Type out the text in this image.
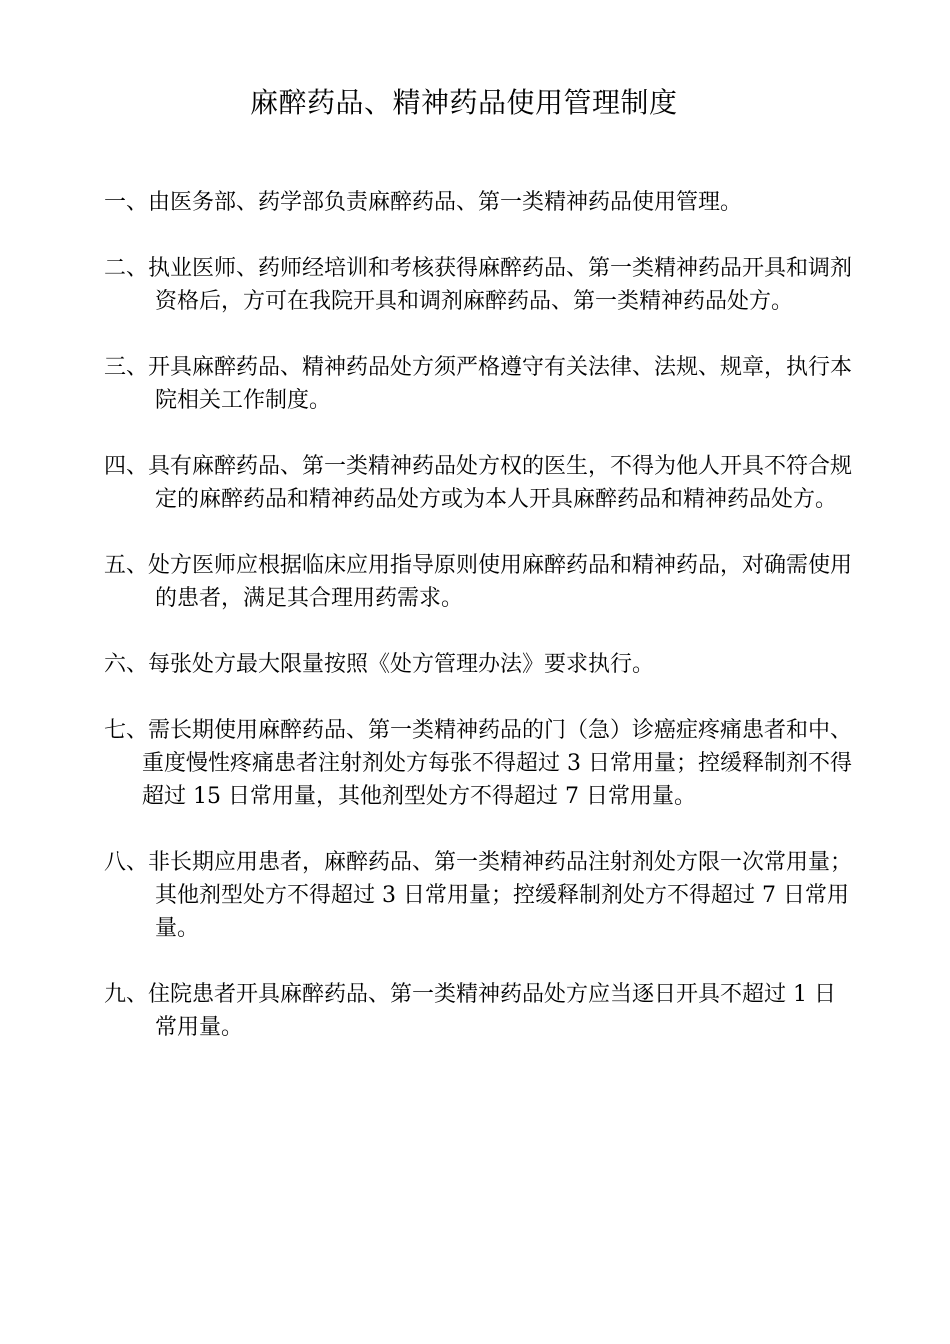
麻醉药品、精神药品使用管理制度
一、由医务部、药学部负责麻醉药品、第一类精神药品使用管理。
二、执业医师、药师经培训和考核获得麻醉药品、第一类精神药品开具和调剂资格后，方可在我院开具和调剂麻醉药品、第一类精神药品处方。
三、开具麻醉药品、精神药品处方须严格遵守有关法律、法规、规章，执行本院相关工作制度。
四、具有麻醉药品、第一类精神药品处方权的医生，不得为他人开具不符合规定的麻醉药品和精神药品处方或为本人开具麻醉药品和精神药品处方。
五、处方医师应根据临床应用指导原则使用麻醉药品和精神药品，对确需使用的患者，满足其合理用药需求。
六、每张处方最大限量按照《处方管理办法》要求执行。
七、需长期使用麻醉药品、第一类精神药品的门（急）诊癌症疼痛患者和中、重度慢性疼痛患者注射剂处方每张不得超过 3 日常用量；控缓释制剂不得超过 15 日常用量，其他剂型处方不得超过 7 日常用量。
八、非长期应用患者，麻醉药品、第一类精神药品注射剂处方限一次常用量；其他剂型处方不得超过 3 日常用量；控缓释制剂处方不得超过 7 日常用量。
九、住院患者开具麻醉药品、第一类精神药品处方应当逐日开具不超过 1 日常用量。
